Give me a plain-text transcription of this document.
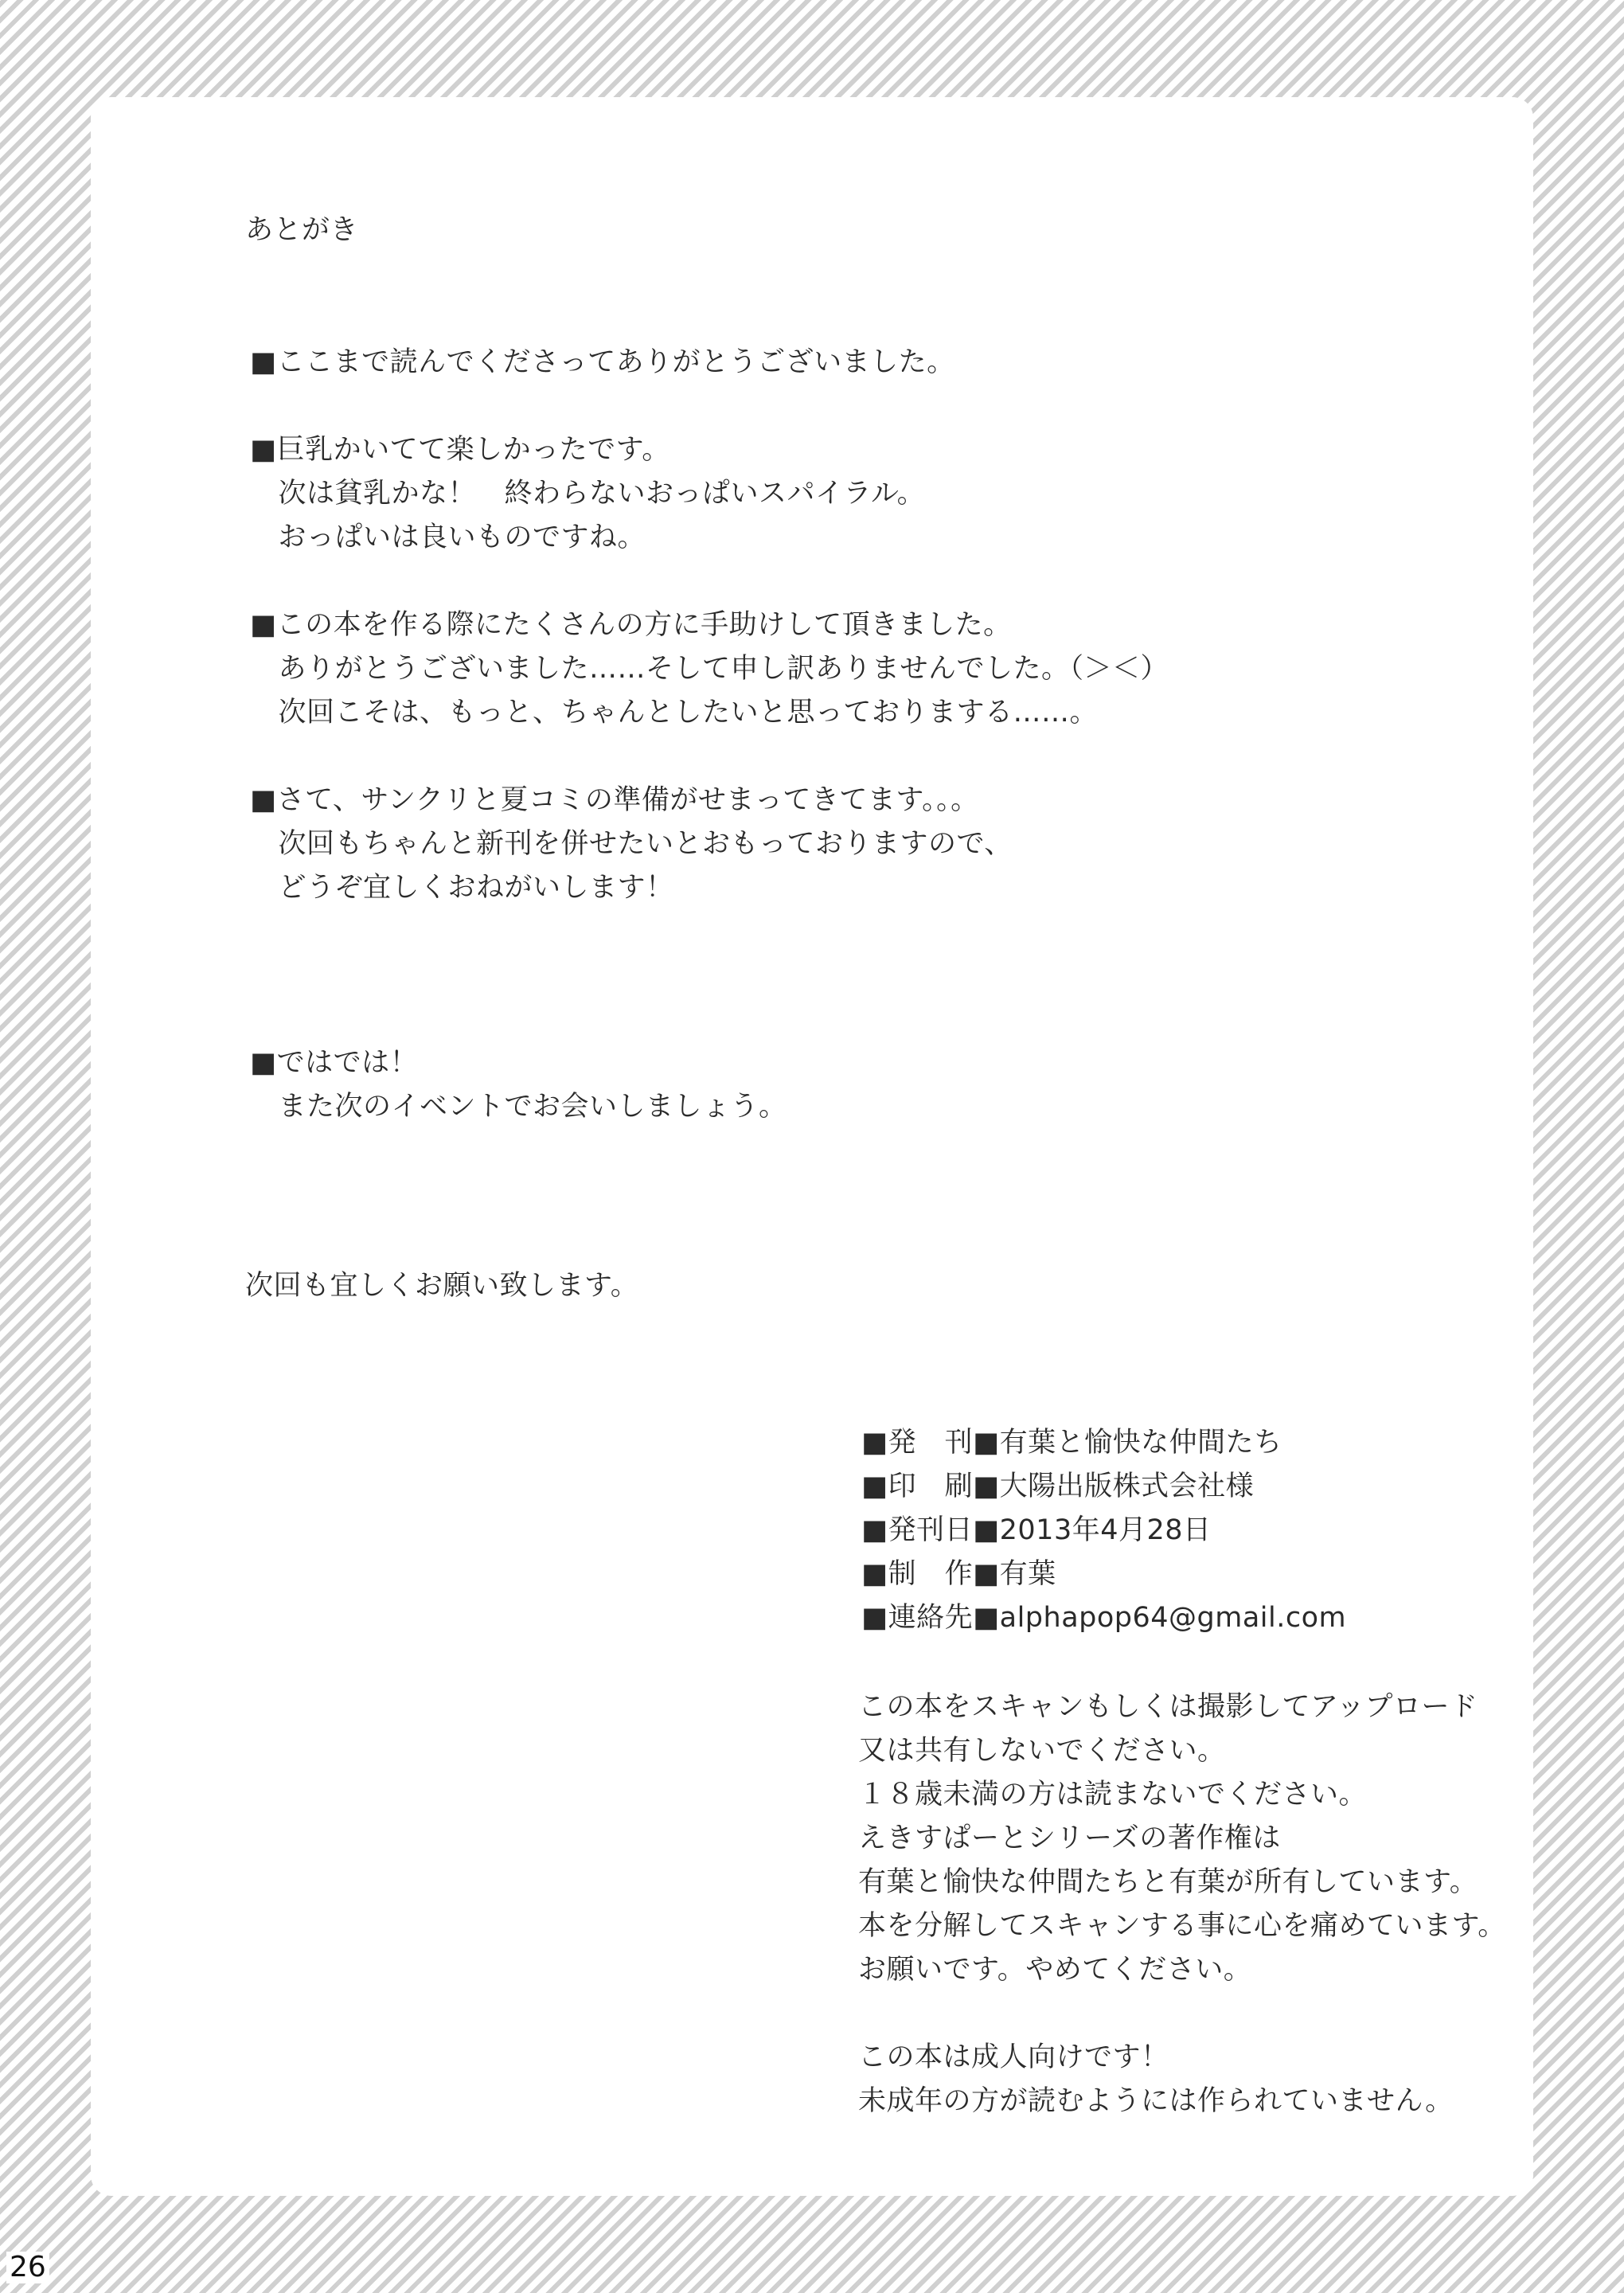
あとがき
■ここまで読んでくださってありがとうございました。
■巨乳かいてて楽しかったです。
　次は貧乳かな！　終わらないおっぱいスパイラル。
　おっぱいは良いものですね。
■この本を作る際にたくさんの方に手助けして頂きました。
　ありがとうございました……そして申し訳ありませんでした。（＞＜）
　次回こそは、もっと、ちゃんとしたいと思っておりまする……。
■さて、サンクリと夏コミの準備がせまってきてます。。。
　次回もちゃんと新刊を併せたいとおもっておりますので、
　どうぞ宜しくおねがいします！
■ではでは！
　また次のイベントでお会いしましょう。
次回も宜しくお願い致します。
■発　刊■有葉と愉快な仲間たち
■印　刷■大陽出版株式会社様
■発刊日■2013年4月28日
■制　作■有葉
■連絡先■alphapop64@gmail.com
この本をスキャンもしくは撮影してアップロード
又は共有しないでください。
１８歳未満の方は読まないでください。
えきすぱーとシリーズの著作権は
有葉と愉快な仲間たちと有葉が所有しています。
本を分解してスキャンする事に心を痛めています。
お願いです。やめてください。
この本は成人向けです！
未成年の方が読むようには作られていません。
26
